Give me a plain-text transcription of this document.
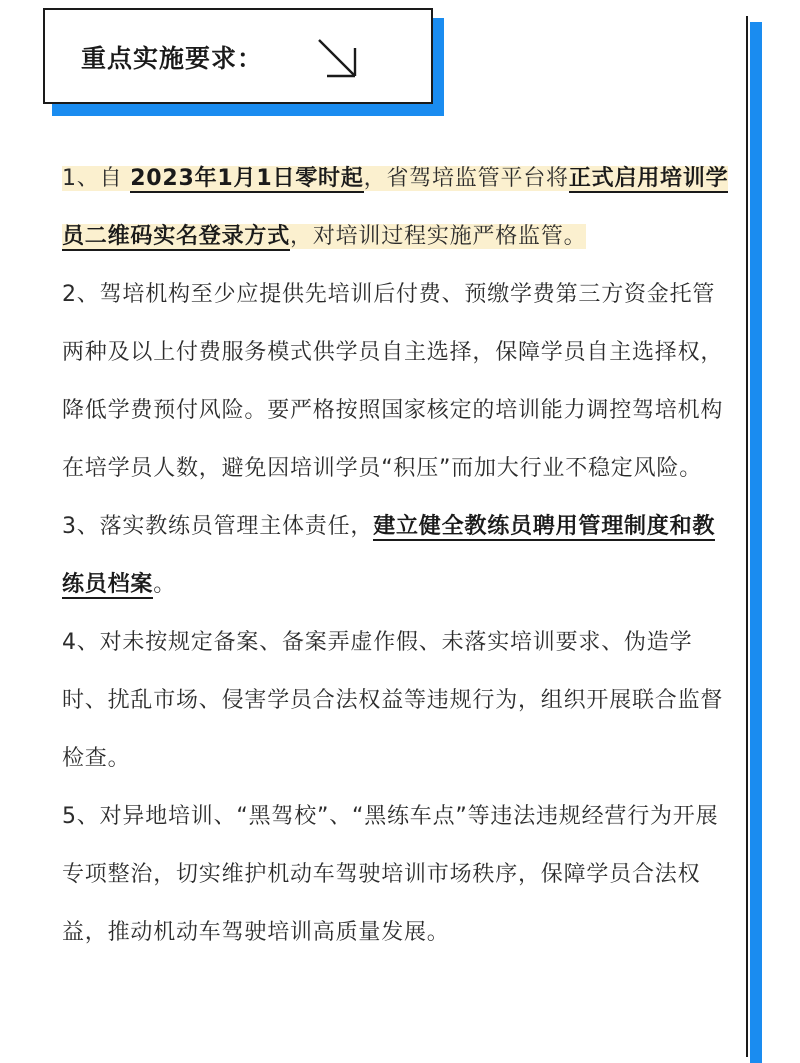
重点实施要求：

1、自 2023年1月1日零时起，省驾培监管平台将正式启用培训学员二维码实名登录方式，对培训过程实施严格监管。

2、驾培机构至少应提供先培训后付费、预缴学费第三方资金托管两种及以上付费服务模式供学员自主选择，保障学员自主选择权，降低学费预付风险。要严格按照国家核定的培训能力调控驾培机构在培学员人数，避免因培训学员“积压”而加大行业不稳定风险。

3、落实教练员管理主体责任，建立健全教练员聘用管理制度和教练员档案。

4、对未按规定备案、备案弄虚作假、未落实培训要求、伪造学时、扰乱市场、侵害学员合法权益等违规行为，组织开展联合监督检查。

5、对异地培训、“黑驾校”、“黑练车点”等违法违规经营行为开展专项整治，切实维护机动车驾驶培训市场秩序，保障学员合法权益，推动机动车驾驶培训高质量发展。
